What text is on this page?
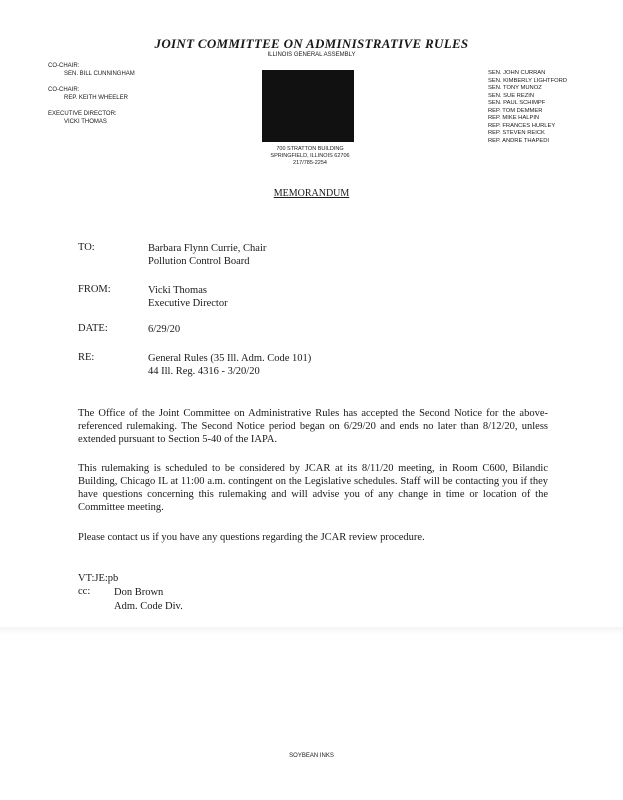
JOINT COMMITTEE ON ADMINISTRATIVE RULES
ILLINOIS GENERAL ASSEMBLY
CO-CHAIR:
SEN. BILL CUNNINGHAM
CO-CHAIR:
REP. KEITH WHEELER
EXECUTIVE DIRECTOR:
VICKI THOMAS
700 STRATTON BUILDING
SPRINGFIELD, ILLINOIS 62706
217/785-2254
SEN. JOHN CURRAN
SEN. KIMBERLY LIGHTFORD
SEN. TONY MUNOZ
SEN. SUE REZIN
SEN. PAUL SCHIMPF
REP. TOM DEMMER
REP. MIKE HALPIN
REP. FRANCES HURLEY
REP. STEVEN REICK
REP. ANDRE THAPEDI
MEMORANDUM
TO:	Barbara Flynn Currie, Chair
Pollution Control Board
FROM:	Vicki Thomas
Executive Director
DATE:	6/29/20
RE:	General Rules (35 Ill. Adm. Code 101)
44 Ill. Reg. 4316 - 3/20/20
The Office of the Joint Committee on Administrative Rules has accepted the Second Notice for the above-referenced rulemaking. The Second Notice period began on 6/29/20 and ends no later than 8/12/20, unless extended pursuant to Section 5-40 of the IAPA.
This rulemaking is scheduled to be considered by JCAR at its 8/11/20 meeting, in Room C600, Bilandic Building, Chicago IL at 11:00 a.m. contingent on the Legislative schedules. Staff will be contacting you if they have questions concerning this rulemaking and will advise you of any change in time or location of the Committee meeting.
Please contact us if you have any questions regarding the JCAR review procedure.
VT:JE:pb
cc: Don Brown
Adm. Code Div.
SOYBEAN INKS
